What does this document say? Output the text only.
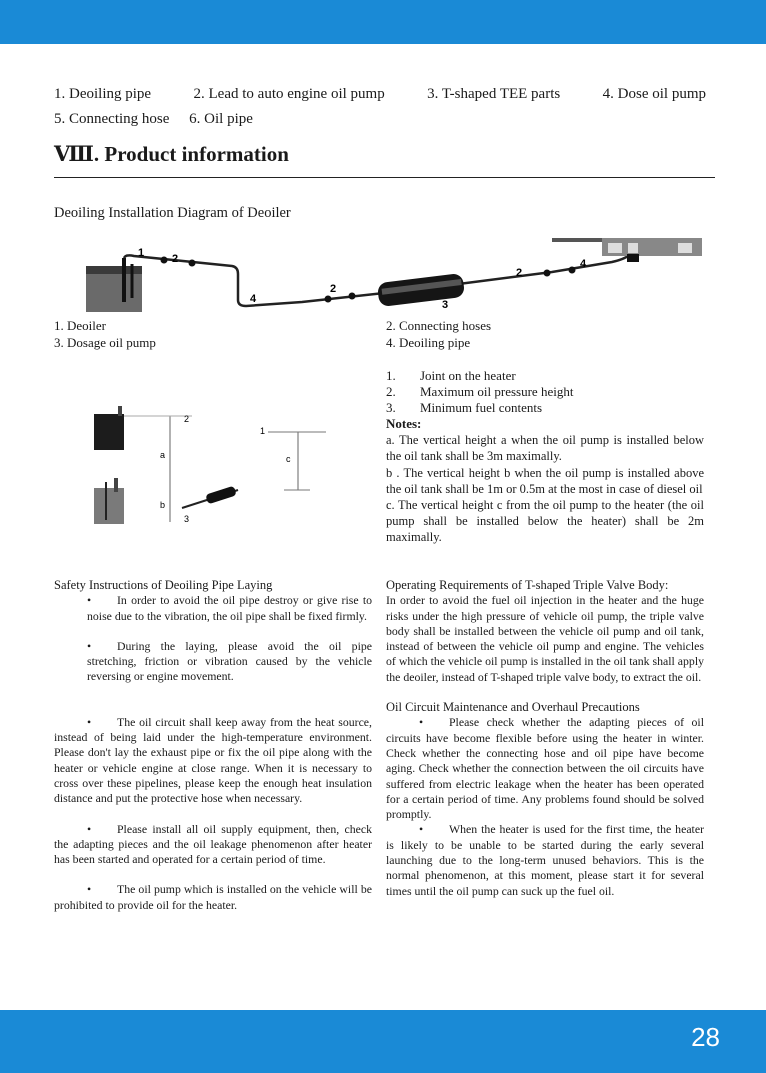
1. Deoiling pipe	2. Lead to auto engine oil pump	3. T-shaped TEE parts	4. Dose oil pump
5. Connecting hose 6. Oil pipe
Ⅷ. Product information
Deoiling Installation Diagram of Deoiler
1	2
2
2
3
4
4
1. Deoiler	2. Connecting hoses
3. Dosage oil pump	4. Deoiling pipe
1
2
a
b
c
3
1.	Joint on the heater
2.	Maximum oil pressure height
3.	Minimum fuel contents
Notes:
a. The vertical height a when the oil pump is installed below the oil tank shall be 3m maximally.
b . The vertical height b when the oil pump is installed above the oil tank shall be 1m or 0.5m at the most in case of diesel oil
c. The vertical height c from the oil pump to the heater (the oil pump shall be installed below the heater) shall be 2m maximally.
Safety Instructions of Deoiling Pipe Laying
• In order to avoid the oil pipe destroy or give rise to noise due to the vibration, the oil pipe shall be fixed firmly.
• During the laying, please avoid the oil pipe stretching, friction or vibration caused by the vehicle reversing or engine movement.
• The oil circuit shall keep away from the heat source, instead of being laid under the high-temperature environment. Please don't lay the exhaust pipe or fix the oil pipe along with the heater or vehicle engine at close range. When it is necessary to cross over these pipelines, please keep the enough heat insulation distance and put the protective hose when necessary.
• Please install all oil supply equipment, then, check the adapting pieces and the oil leakage phenomenon after heater has been started and operated for a certain period of time.
• The oil pump which is installed on the vehicle will be prohibited to provide oil for the heater.
Operating Requirements of T-shaped Triple Valve Body:
In order to avoid the fuel oil injection in the heater and the huge risks under the high pressure of vehicle oil pump, the triple valve body shall be installed between the vehicle oil pump and oil tank, instead of between the vehicle oil pump and engine. The vehicles of which the vehicle oil pump is installed in the oil tank shall apply the deoiler, instead of T-shaped triple valve body, to extract the oil.
Oil Circuit Maintenance and Overhaul Precautions
• Please check whether the adapting pieces of oil circuits have become flexible before using the heater in winter. Check whether the connecting hose and oil pipe have become aging. Check whether the connection between the oil circuits have suffered from electric leakage when the heater has been operated for a certain period of time. Any problems found should be solved promptly.
• When the heater is used for the first time, the heater is likely to be unable to be started during the early several launching due to the long-term unused behaviors. This is the normal phenomenon, at this moment, please start it for several times until the oil pump can suck up the fuel oil.
28
